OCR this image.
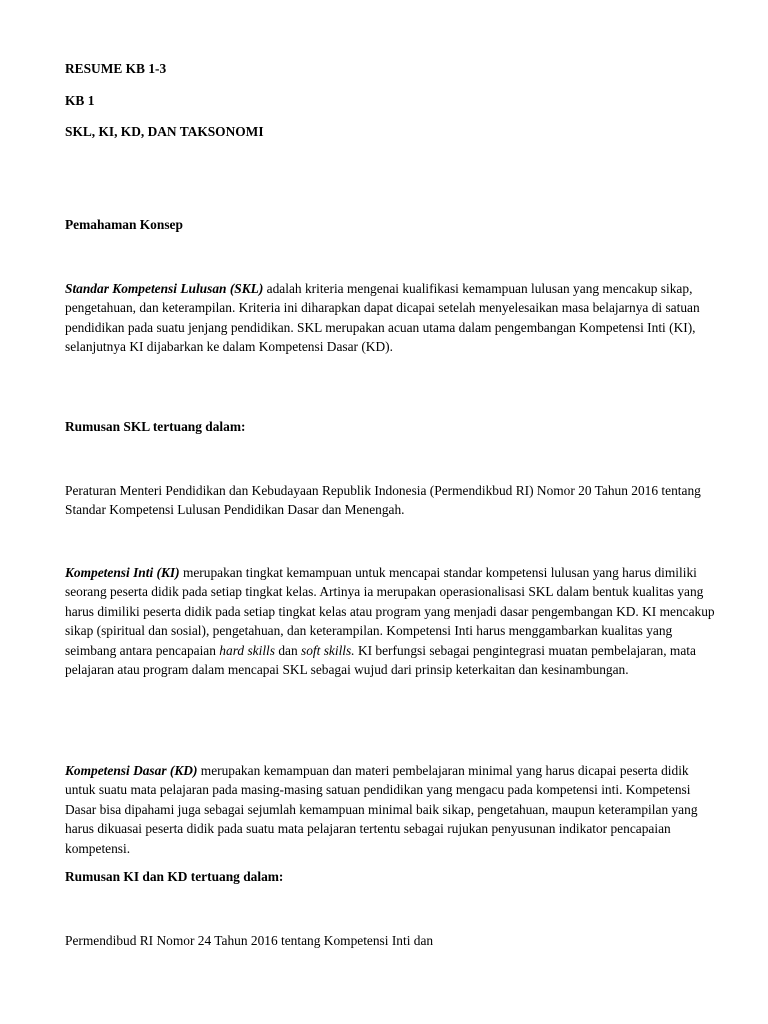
RESUME KB 1-3

KB 1

SKL, KI, KD, DAN TAKSONOMI

Pemahaman Konsep

Standar Kompetensi Lulusan (SKL) adalah kriteria mengenai kualifikasi kemampuan lulusan yang mencakup sikap, pengetahuan, dan keterampilan. Kriteria ini diharapkan dapat dicapai setelah menyelesaikan masa belajarnya di satuan pendidikan pada suatu jenjang pendidikan. SKL merupakan acuan utama dalam pengembangan Kompetensi Inti (KI), selanjutnya KI dijabarkan ke dalam Kompetensi Dasar (KD).

Rumusan SKL tertuang dalam:

Peraturan Menteri Pendidikan dan Kebudayaan Republik Indonesia (Permendikbud RI) Nomor 20 Tahun 2016 tentang Standar Kompetensi Lulusan Pendidikan Dasar dan Menengah.

Kompetensi Inti (KI) merupakan tingkat kemampuan untuk mencapai standar kompetensi lulusan yang harus dimiliki seorang peserta didik pada setiap tingkat kelas. Artinya ia merupakan operasionalisasi SKL dalam bentuk kualitas yang harus dimiliki peserta didik pada setiap tingkat kelas atau program yang menjadi dasar pengembangan KD. KI mencakup sikap (spiritual dan sosial), pengetahuan, dan keterampilan. Kompetensi Inti harus menggambarkan kualitas yang seimbang antara pencapaian hard skills dan soft skills. KI berfungsi sebagai pengintegrasi muatan pembelajaran, mata pelajaran atau program dalam mencapai SKL sebagai wujud dari prinsip keterkaitan dan kesinambungan.

Kompetensi Dasar (KD) merupakan kemampuan dan materi pembelajaran minimal yang harus dicapai peserta didik untuk suatu mata pelajaran pada masing-masing satuan pendidikan yang mengacu pada kompetensi inti. Kompetensi Dasar bisa dipahami juga sebagai sejumlah kemampuan minimal baik sikap, pengetahuan, maupun keterampilan yang harus dikuasai peserta didik pada suatu mata pelajaran tertentu sebagai rujukan penyusunan indikator pencapaian kompetensi.

Rumusan KI dan KD tertuang dalam:

Permendibud RI Nomor 24 Tahun 2016 tentang Kompetensi Inti dan
